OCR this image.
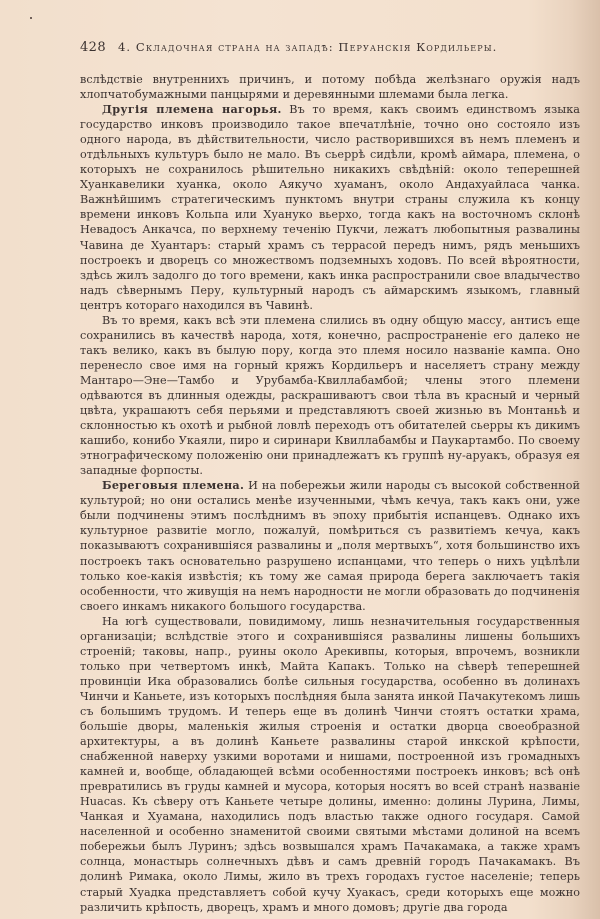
428	4. Складочная страна на западѣ: Перуанскія Кордильеры.

вслѣдствіе внутреннихъ причинъ, и потому побѣда желѣзнаго оружія надъ хлопчатобумажными панцырями и деревянными шлемами была легка.

Другія племена нагорья. Въ то время, какъ своимъ единствомъ языка государство инковъ производило такое впечатлѣніе, точно оно состояло изъ одного народа, въ дѣйствительности, число растворившихся въ немъ племенъ и отдѣльныхъ культуръ было не мало. Въ сьеррѣ сидѣли, кромѣ аймара, племена, о которыхъ не сохранилось рѣшительно никакихъ свѣдѣній: около теперешней Хуанкавелики хуанка, около Аякучо хуаманъ, около Андахуайласа чанка. Важнѣйшимъ стратегическимъ пунктомъ внутри страны служила къ концу времени инковъ Кольпа или Хуануко вьерхо, тогда какъ на восточномъ склонѣ Невадосъ Анкачса, по верхнему теченію Пукчи, лежатъ любопытныя развалины Чавина де Хуантаръ: старый храмъ съ террасой передъ нимъ, рядъ меньшихъ построекъ и дворецъ со множествомъ подземныхъ ходовъ. По всей вѣроятности, здѣсь жилъ задолго до того времени, какъ инка распространили свое владычество надъ сѣвернымъ Перу, культурный народъ съ аймарскимъ языкомъ, главный центръ котораго находился въ Чавинѣ.

Въ то время, какъ всѣ эти племена слились въ одну общую массу, антисъ еще сохранились въ качествѣ народа, хотя, конечно, распространеніе его далеко не такъ велико, какъ въ былую пору, когда это племя носило названіе кампа. Оно перенесло свое имя на горный кряжъ Кордильеръ и населяетъ страну между Мантаро—Эне—Тамбо и Урубамба-Квиллабамбой; члены этого племени одѣваются въ длинныя одежды, раскрашиваютъ свои тѣла въ красный и черный цвѣта, украшаютъ себя перьями и представляютъ своей жизнью въ Монтаньѣ и склонностью къ охотѣ и рыбной ловлѣ переходъ отъ обитателей сьерры къ дикимъ кашибо, конибо Укаяли, пиро и сиринари Квиллабамбы и Паукартамбо. По своему этнографическому положенію они принадлежатъ къ группѣ ну-аруакъ, образуя ея западные форпосты.

Береговыя племена. И на побережьи жили народы съ высокой собственной культурой; но они остались менѣе изученными, чѣмъ кечуа, такъ какъ они, уже были подчинены этимъ послѣднимъ въ эпоху прибытія испанцевъ. Однако ихъ культурное развитіе могло, пожалуй, помѣриться съ развитіемъ кечуа, какъ показываютъ сохранившіяся развалины и „поля мертвыхъ“, хотя большинство ихъ построекъ такъ основательно разрушено испанцами, что теперь о нихъ уцѣлѣли только кое-какія извѣстія; къ тому же самая природа берега заключаетъ такія особенности, что живущія на немъ народности не могли образовать до подчиненія своего инкамъ никакого большого государства.

На югѣ существовали, повидимому, лишь незначительныя государственныя организаціи; вслѣдствіе этого и сохранившіяся развалины лишены большихъ строеній; таковы, напр., руины около Арекивпы, которыя, впрочемъ, возникли только при четвертомъ инкѣ, Майта Капакъ. Только на сѣверѣ теперешней провинціи Ика образовались болѣе сильныя государства, особенно въ долинахъ Чинчи и Каньете, изъ которыхъ послѣдняя была занята инкой Пачакутекомъ лишь съ большимъ трудомъ. И теперь еще въ долинѣ Чинчи стоятъ остатки храма, большіе дворы, маленькія жилыя строенія и остатки дворца своеобразной архитектуры, а въ долинѣ Каньете развалины старой инкской крѣпости, снабженной наверху узкими воротами и нишами, построенной изъ громадныхъ камней и, вообще, обладающей всѣми особенностями построекъ инковъ; всѣ онѣ превратились въ груды камней и мусора, которыя носятъ во всей странѣ названіе Huacas. Къ сѣверу отъ Каньете четыре долины, именно: долины Лурина, Лимы, Чанкая и Хуамана, находились подъ властью также одного государя. Самой населенной и особенно знаменитой своими святыми мѣстами долиной на всемъ побережьи былъ Луринъ; здѣсь возвышался храмъ Пачакамака, а также храмъ солнца, монастырь солнечныхъ дѣвъ и самъ древній городъ Пачакамакъ. Въ долинѣ Римака, около Лимы, жило въ трехъ городахъ густое населеніе; теперь старый Хуадка представляетъ собой кучу Хуакасъ, среди которыхъ еще можно различить крѣпость, дворецъ, храмъ и много домовъ; другіе два города
